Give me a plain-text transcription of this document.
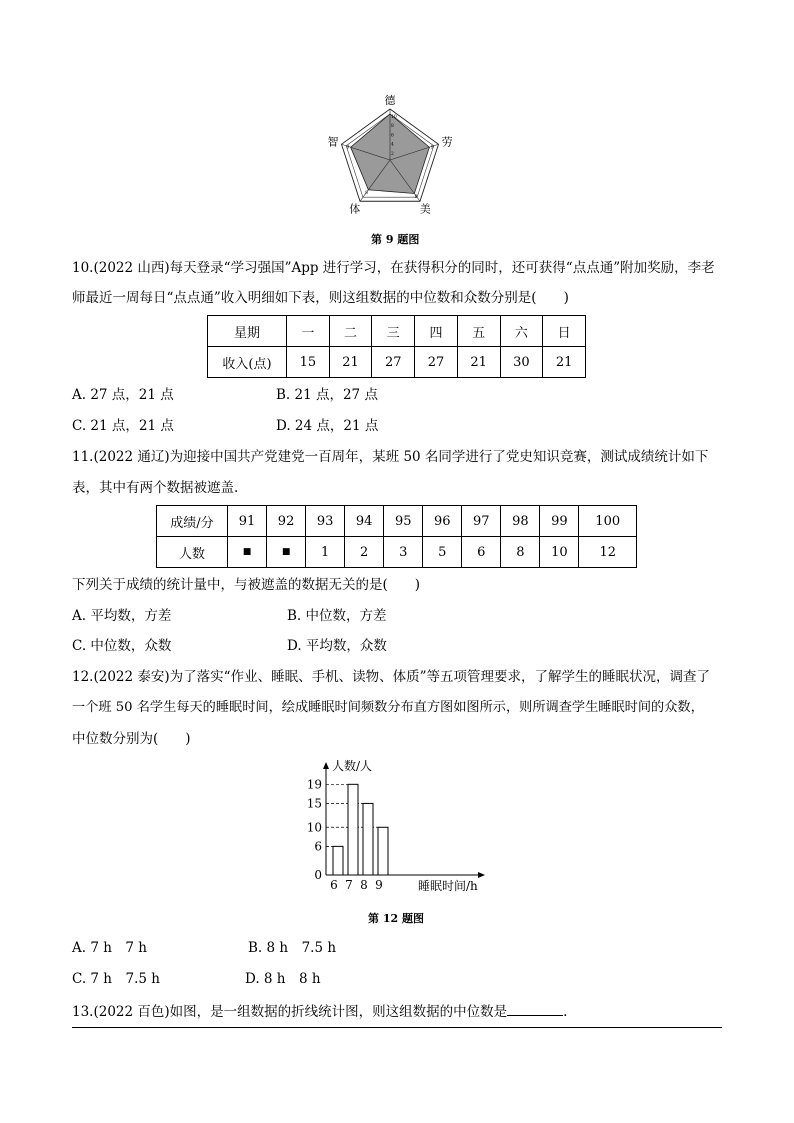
德
劳
美
体
智
10
8
6
4
2
9
9
8
9
第 9 题图
10.(2022 山西)每天登录“学习强国”App 进行学习，在获得积分的同时，还可获得“点点通”附加奖励，李老
师最近一周每日“点点通”收入明细如下表，则这组数据的中位数和众数分别是(　　)
星期	一	二	三	四	五	六	日
收入(点)	15	21	27	27	21	30	21
A. 27 点，21 点	B. 21 点，27 点
C. 21 点，21 点	D. 24 点，21 点
11.(2022 通辽)为迎接中国共产党建党一百周年，某班 50 名同学进行了党史知识竞赛，测试成绩统计如下
表，其中有两个数据被遮盖.
成绩/分	91	92	93	94	95	96	97	98	99	100
人数	■	■	1	2	3	5	6	8	10	12
下列关于成绩的统计量中，与被遮盖的数据无关的是(　　)
A. 平均数，方差	B. 中位数，方差
C. 中位数，众数	D. 平均数，众数
12.(2022 泰安)为了落实“作业、睡眠、手机、读物、体质”等五项管理要求，了解学生的睡眠状况，调查了
一个班 50 名学生每天的睡眠时间，绘成睡眠时间频数分布直方图如图所示，则所调查学生睡眠时间的众数，
中位数分别为(　　)
6 7 8 9
0
6
10
15
19
人数/人
睡眠时间/h
第 12 题图
A. 7 h　7 h	B. 8 h　7.5 h
C. 7 h　7.5 h	D. 8 h　8 h
13.(2022 百色)如图，是一组数据的折线统计图，则这组数据的中位数是	.
